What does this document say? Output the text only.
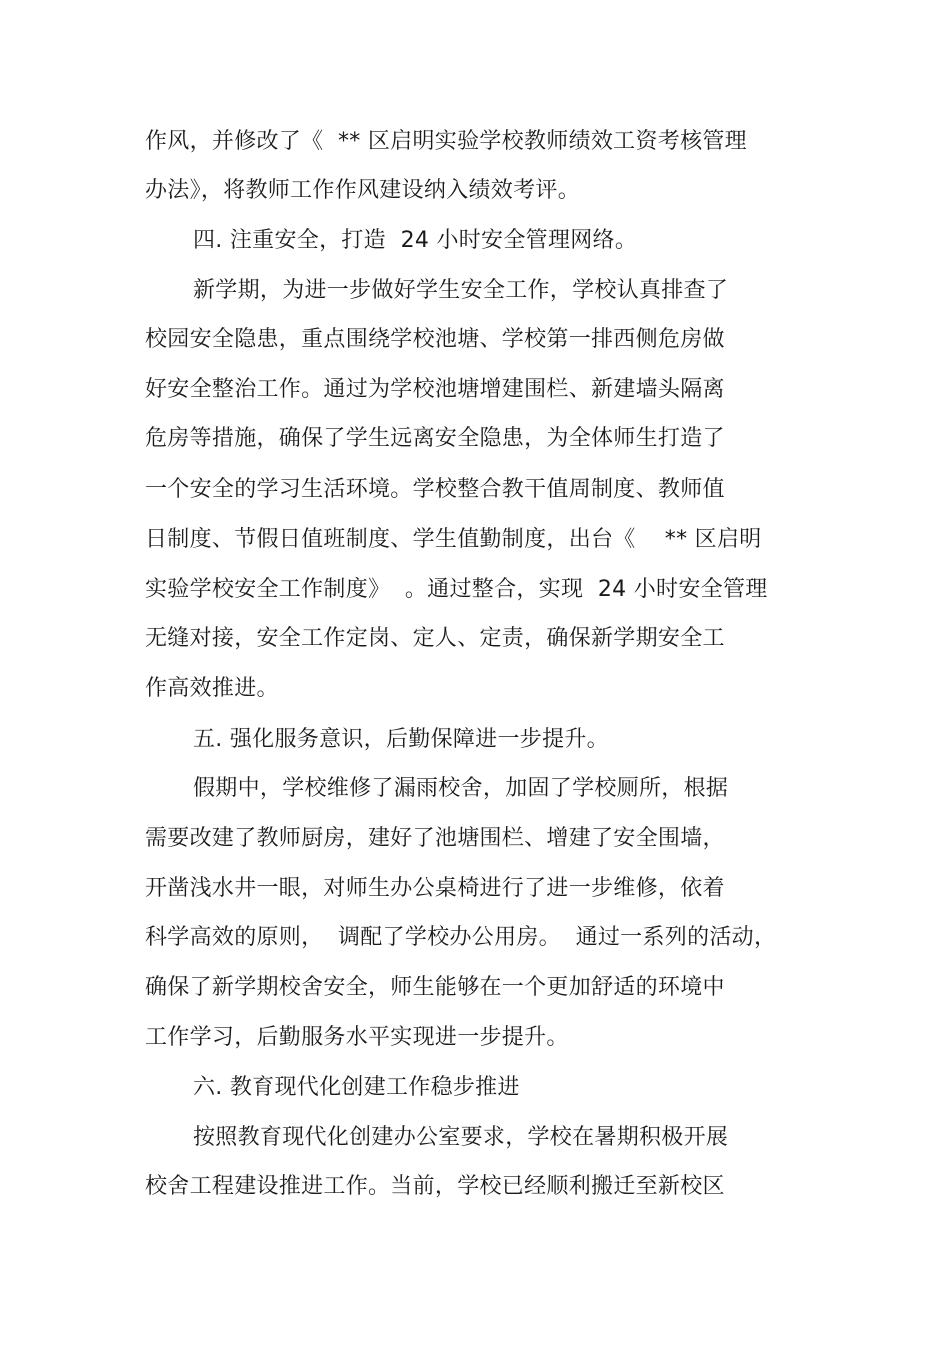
作风，并修改了《  ** 区启明实验学校教师绩效工资考核管理
办法》，将教师工作作风建设纳入绩效考评。
四. 注重安全，打造  24 小时安全管理网络。
新学期，为进一步做好学生安全工作，学校认真排查了
校园安全隐患，重点围绕学校池塘、学校第一排西侧危房做
好安全整治工作。通过为学校池塘增建围栏、新建墙头隔离
危房等措施，确保了学生远离安全隐患，为全体师生打造了
一个安全的学习生活环境。学校整合教干值周制度、教师值
日制度、节假日值班制度、学生值勤制度，出台《    ** 区启明
实验学校安全工作制度》  。通过整合，实现  24 小时安全管理
无缝对接，安全工作定岗、定人、定责，确保新学期安全工
作高效推进。
五. 强化服务意识，后勤保障进一步提升。
假期中，学校维修了漏雨校舍，加固了学校厕所，根据
需要改建了教师厨房，建好了池塘围栏、增建了安全围墙，
开凿浅水井一眼，对师生办公桌椅进行了进一步维修，依着
科学高效的原则，  调配了学校办公用房。  通过一系列的活动，
确保了新学期校舍安全，师生能够在一个更加舒适的环境中
工作学习，后勤服务水平实现进一步提升。
六. 教育现代化创建工作稳步推进
按照教育现代化创建办公室要求，学校在暑期积极开展
校舍工程建设推进工作。当前，学校已经顺利搬迁至新校区
